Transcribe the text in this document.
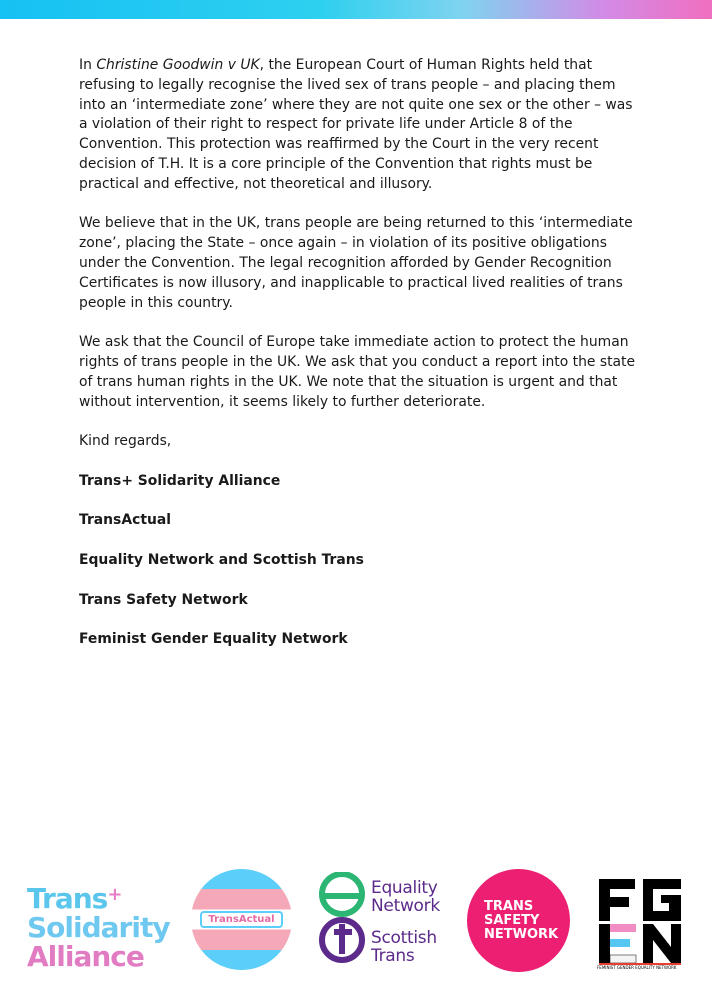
In Christine Goodwin v UK, the European Court of Human Rights held that refusing to legally recognise the lived sex of trans people – and placing them into an ‘intermediate zone’ where they are not quite one sex or the other – was a violation of their right to respect for private life under Article 8 of the Convention. This protection was reaffirmed by the Court in the very recent decision of T.H. It is a core principle of the Convention that rights must be practical and effective, not theoretical and illusory.

We believe that in the UK, trans people are being returned to this ‘intermediate zone’, placing the State – once again – in violation of its positive obligations under the Convention. The legal recognition afforded by Gender Recognition Certificates is now illusory, and inapplicable to practical lived realities of trans people in this country.

We ask that the Council of Europe take immediate action to protect the human rights of trans people in the UK. We ask that you conduct a report into the state of trans human rights in the UK. We note that the situation is urgent and that without intervention, it seems likely to further deteriorate.

Kind regards,

Trans+ Solidarity Alliance

TransActual

Equality Network and Scottish Trans

Trans Safety Network

Feminist Gender Equality Network

Trans+
Solidarity
Alliance
TransActual
Equality
Network
Scottish
Trans
TRANS
SAFETY
NETWORK
FEMINIST GENDER EQUALITY NETWORK
